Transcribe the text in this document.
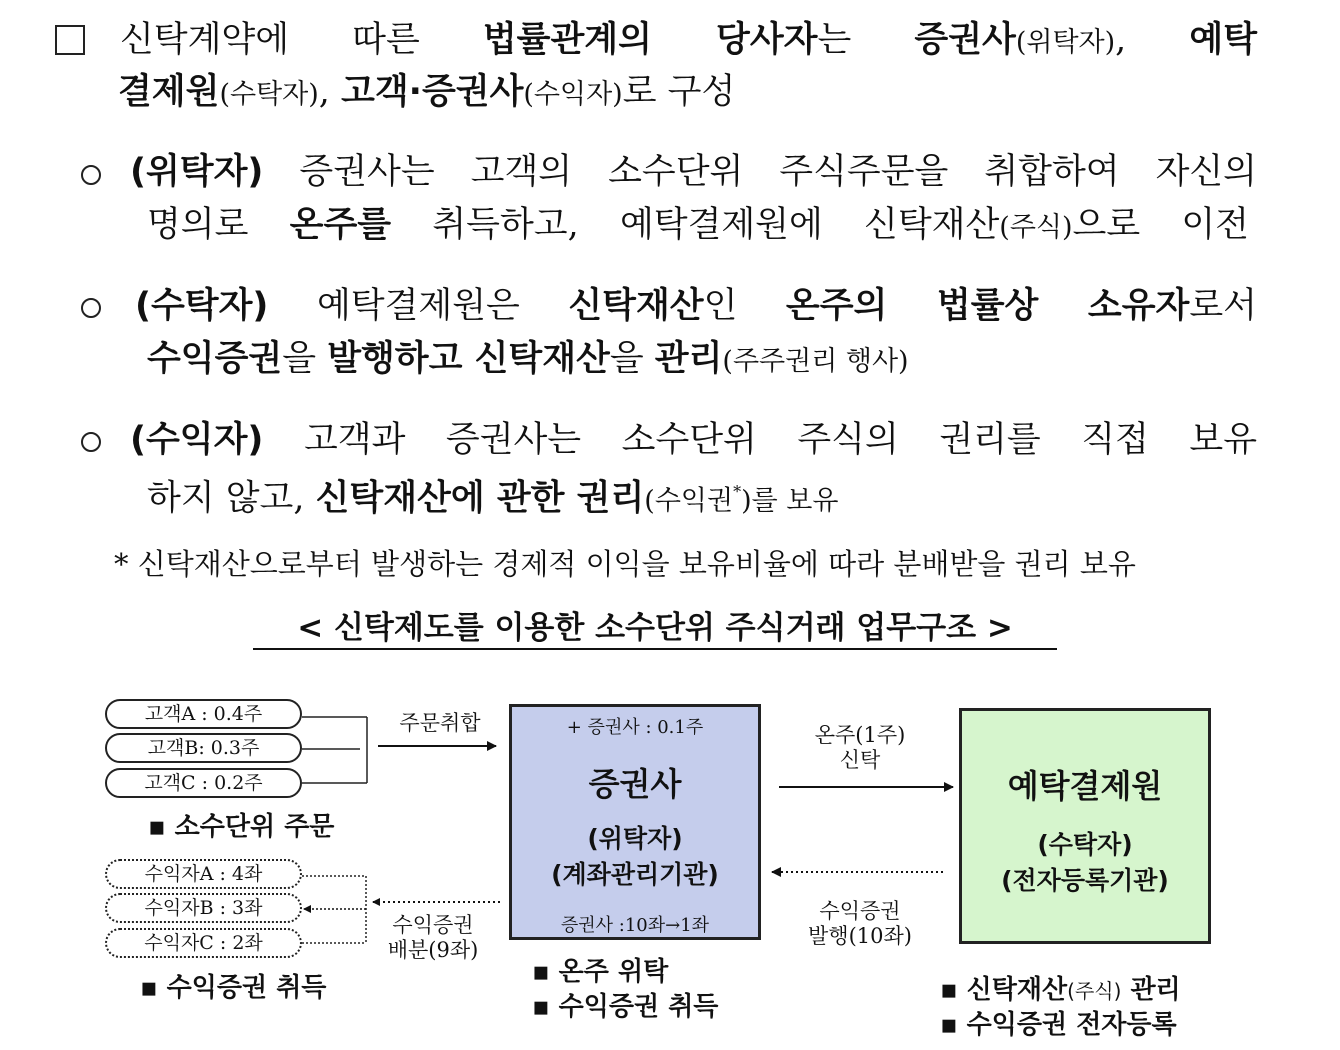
신탁계약에 따른 법률관계의 당사자는 증권사(위탁자), 예탁
결제원(수탁자), 고객·증권사(수익자)로 구성
(위탁자) 증권사는 고객의 소수단위 주식주문을 취합하여 자신의
명의로 온주를 취득하고, 예탁결제원에 신탁재산(주식)으로 이전
(수탁자) 예탁결제원은 신탁재산인 온주의 법률상 소유자로서
수익증권을 발행하고 신탁재산을 관리(주주권리 행사)
(수익자) 고객과 증권사는 소수단위 주식의 권리를 직접 보유
하지 않고, 신탁재산에 관한 권리(수익권*)를 보유
* 신탁재산으로부터 발생하는 경제적 이익을 보유비율에 따라 분배받을 권리 보유
< 신탁제도를 이용한 소수단위 주식거래 업무구조 >
고객A : 0.4주
고객B: 0.3주
고객C : 0.2주
▪ 소수단위 주문
수익자A : 4좌
수익자B : 3좌
수익자C : 2좌
▪ 수익증권 취득
주문취합
수익증권
배분(9좌)
온주(1주)
신탁
수익증권
발행(10좌)
+ 증권사 : 0.1주
증권사
(위탁자)
(계좌관리기관)
증권사 :10좌→1좌
▪ 온주 위탁
▪ 수익증권 취득
예탁결제원
(수탁자)
(전자등록기관)
▪ 신탁재산(주식) 관리
▪ 수익증권 전자등록
